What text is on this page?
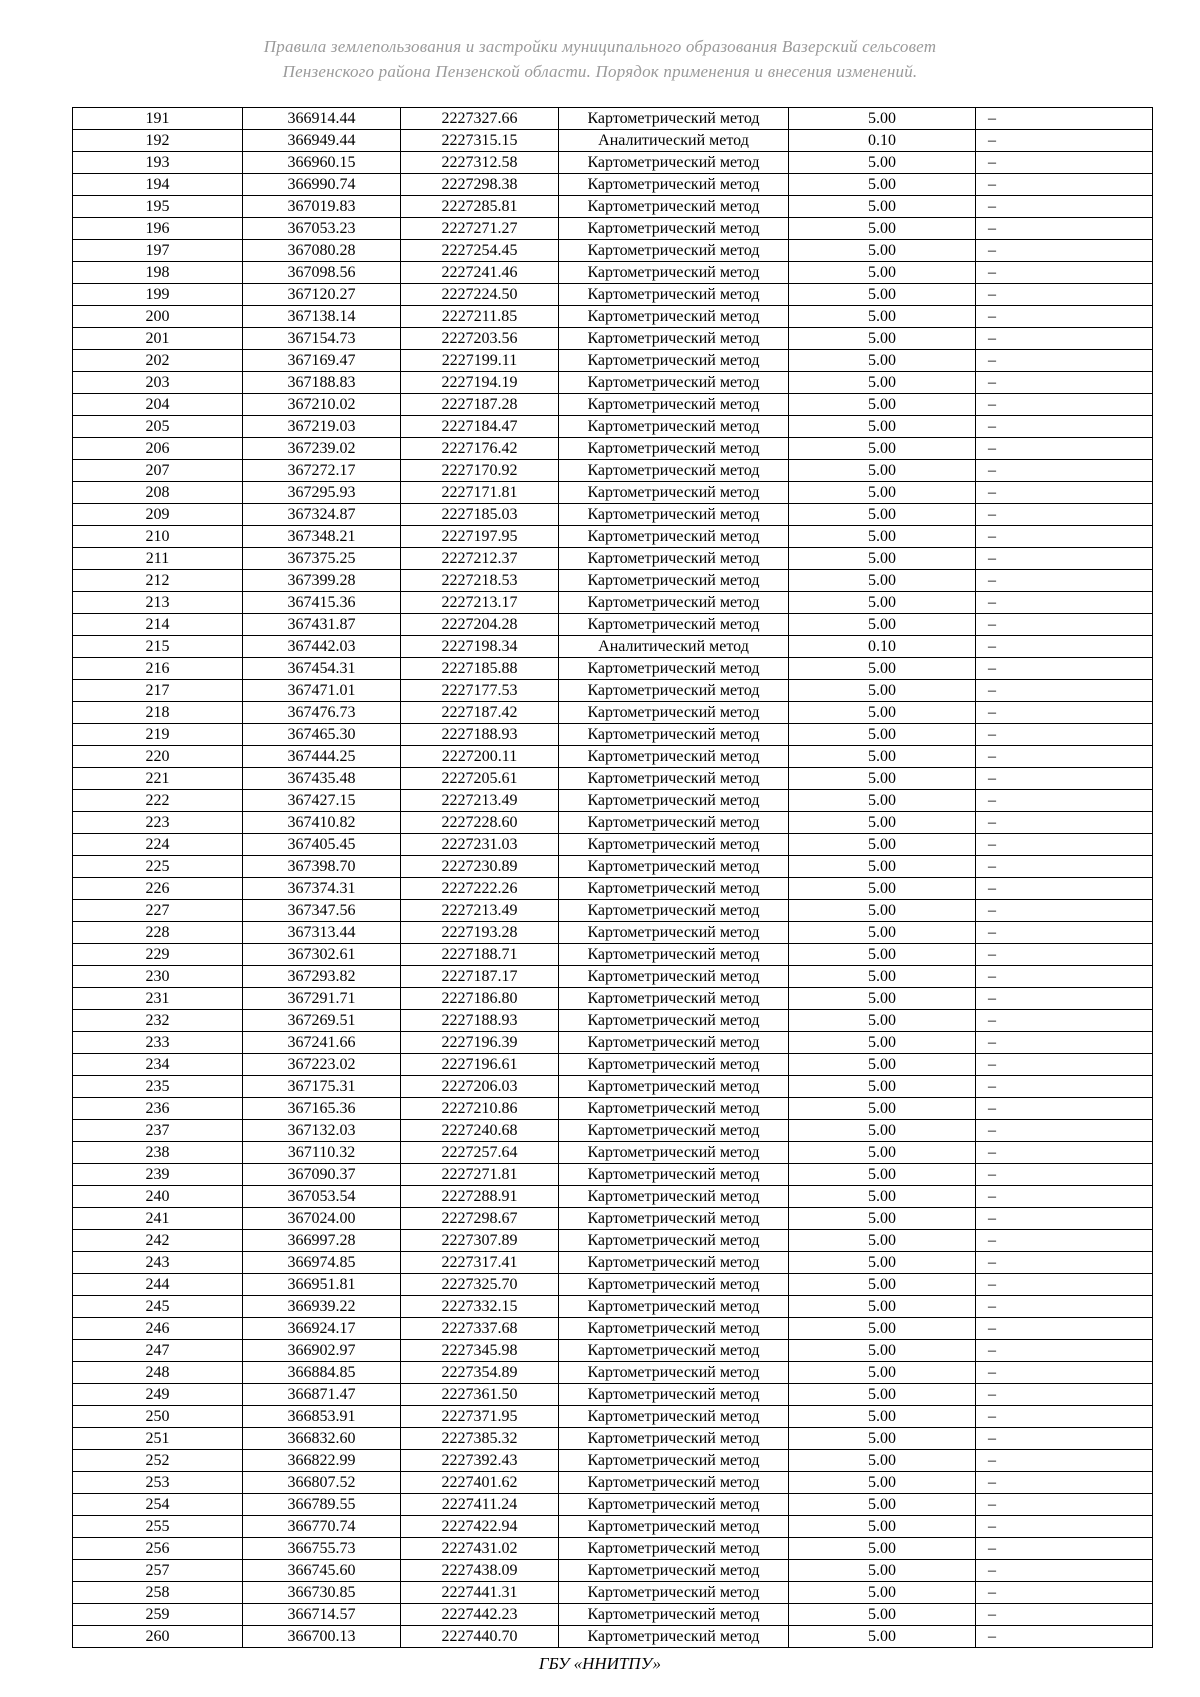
Правила землепользования и застройки муниципального образования Вазерский сельсовет
Пензенского района Пензенской области. Порядок применения и внесения изменений.
191	366914.44	2227327.66	Картометрический метод	5.00	–
192	366949.44	2227315.15	Аналитический метод	0.10	–
193	366960.15	2227312.58	Картометрический метод	5.00	–
194	366990.74	2227298.38	Картометрический метод	5.00	–
195	367019.83	2227285.81	Картометрический метод	5.00	–
196	367053.23	2227271.27	Картометрический метод	5.00	–
197	367080.28	2227254.45	Картометрический метод	5.00	–
198	367098.56	2227241.46	Картометрический метод	5.00	–
199	367120.27	2227224.50	Картометрический метод	5.00	–
200	367138.14	2227211.85	Картометрический метод	5.00	–
201	367154.73	2227203.56	Картометрический метод	5.00	–
202	367169.47	2227199.11	Картометрический метод	5.00	–
203	367188.83	2227194.19	Картометрический метод	5.00	–
204	367210.02	2227187.28	Картометрический метод	5.00	–
205	367219.03	2227184.47	Картометрический метод	5.00	–
206	367239.02	2227176.42	Картометрический метод	5.00	–
207	367272.17	2227170.92	Картометрический метод	5.00	–
208	367295.93	2227171.81	Картометрический метод	5.00	–
209	367324.87	2227185.03	Картометрический метод	5.00	–
210	367348.21	2227197.95	Картометрический метод	5.00	–
211	367375.25	2227212.37	Картометрический метод	5.00	–
212	367399.28	2227218.53	Картометрический метод	5.00	–
213	367415.36	2227213.17	Картометрический метод	5.00	–
214	367431.87	2227204.28	Картометрический метод	5.00	–
215	367442.03	2227198.34	Аналитический метод	0.10	–
216	367454.31	2227185.88	Картометрический метод	5.00	–
217	367471.01	2227177.53	Картометрический метод	5.00	–
218	367476.73	2227187.42	Картометрический метод	5.00	–
219	367465.30	2227188.93	Картометрический метод	5.00	–
220	367444.25	2227200.11	Картометрический метод	5.00	–
221	367435.48	2227205.61	Картометрический метод	5.00	–
222	367427.15	2227213.49	Картометрический метод	5.00	–
223	367410.82	2227228.60	Картометрический метод	5.00	–
224	367405.45	2227231.03	Картометрический метод	5.00	–
225	367398.70	2227230.89	Картометрический метод	5.00	–
226	367374.31	2227222.26	Картометрический метод	5.00	–
227	367347.56	2227213.49	Картометрический метод	5.00	–
228	367313.44	2227193.28	Картометрический метод	5.00	–
229	367302.61	2227188.71	Картометрический метод	5.00	–
230	367293.82	2227187.17	Картометрический метод	5.00	–
231	367291.71	2227186.80	Картометрический метод	5.00	–
232	367269.51	2227188.93	Картометрический метод	5.00	–
233	367241.66	2227196.39	Картометрический метод	5.00	–
234	367223.02	2227196.61	Картометрический метод	5.00	–
235	367175.31	2227206.03	Картометрический метод	5.00	–
236	367165.36	2227210.86	Картометрический метод	5.00	–
237	367132.03	2227240.68	Картометрический метод	5.00	–
238	367110.32	2227257.64	Картометрический метод	5.00	–
239	367090.37	2227271.81	Картометрический метод	5.00	–
240	367053.54	2227288.91	Картометрический метод	5.00	–
241	367024.00	2227298.67	Картометрический метод	5.00	–
242	366997.28	2227307.89	Картометрический метод	5.00	–
243	366974.85	2227317.41	Картометрический метод	5.00	–
244	366951.81	2227325.70	Картометрический метод	5.00	–
245	366939.22	2227332.15	Картометрический метод	5.00	–
246	366924.17	2227337.68	Картометрический метод	5.00	–
247	366902.97	2227345.98	Картометрический метод	5.00	–
248	366884.85	2227354.89	Картометрический метод	5.00	–
249	366871.47	2227361.50	Картометрический метод	5.00	–
250	366853.91	2227371.95	Картометрический метод	5.00	–
251	366832.60	2227385.32	Картометрический метод	5.00	–
252	366822.99	2227392.43	Картометрический метод	5.00	–
253	366807.52	2227401.62	Картометрический метод	5.00	–
254	366789.55	2227411.24	Картометрический метод	5.00	–
255	366770.74	2227422.94	Картометрический метод	5.00	–
256	366755.73	2227431.02	Картометрический метод	5.00	–
257	366745.60	2227438.09	Картометрический метод	5.00	–
258	366730.85	2227441.31	Картометрический метод	5.00	–
259	366714.57	2227442.23	Картометрический метод	5.00	–
260	366700.13	2227440.70	Картометрический метод	5.00	–
ГБУ «ННИТПУ»
